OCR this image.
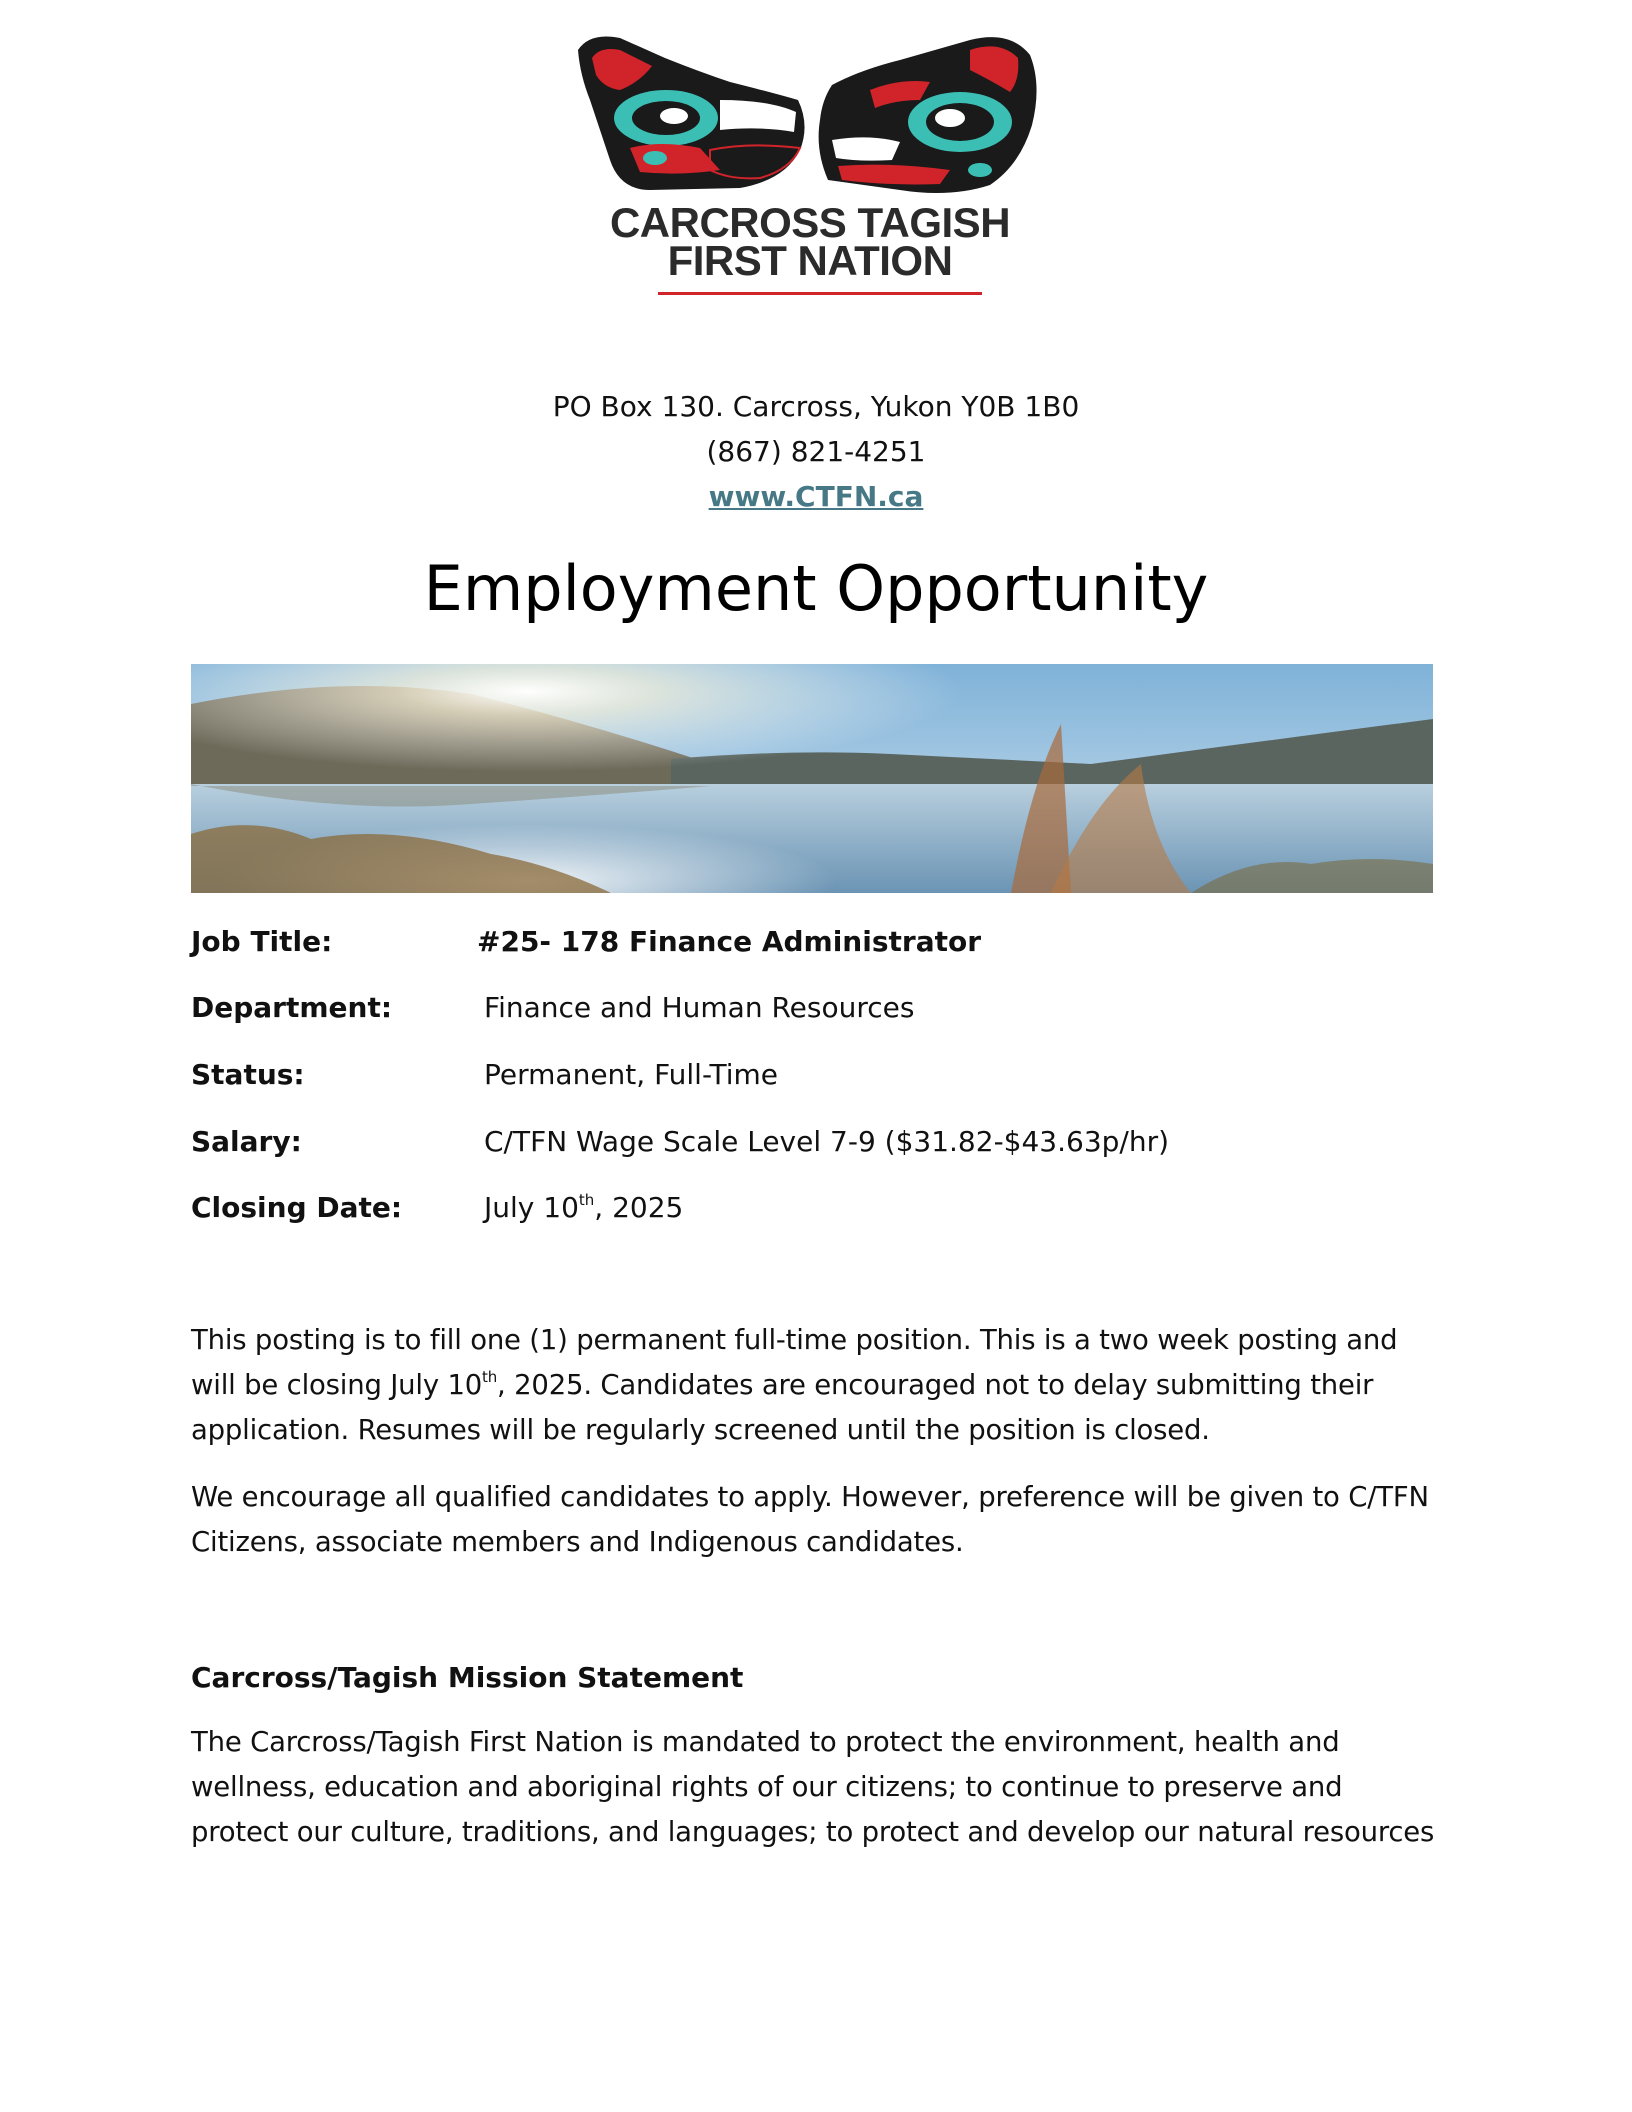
CARCROSS TAGISH
FIRST NATION
PO Box 130. Carcross, Yukon Y0B 1B0
(867) 821-4251
www.CTFN.ca
Employment Opportunity
Job Title:	#25- 178 Finance Administrator
Department:	Finance and Human Resources
Status:	Permanent, Full-Time
Salary:	C/TFN Wage Scale Level 7-9 ($31.82-$43.63p/hr)
Closing Date:	July 10th, 2025

This posting is to fill one (1) permanent full-time position. This is a two week posting and will be closing July 10th, 2025. Candidates are encouraged not to delay submitting their application. Resumes will be regularly screened until the position is closed.

We encourage all qualified candidates to apply. However, preference will be given to C/TFN Citizens, associate members and Indigenous candidates.

Carcross/Tagish Mission Statement

The Carcross/Tagish First Nation is mandated to protect the environment, health and wellness, education and aboriginal rights of our citizens; to continue to preserve and protect our culture, traditions, and languages; to protect and develop our natural resources
